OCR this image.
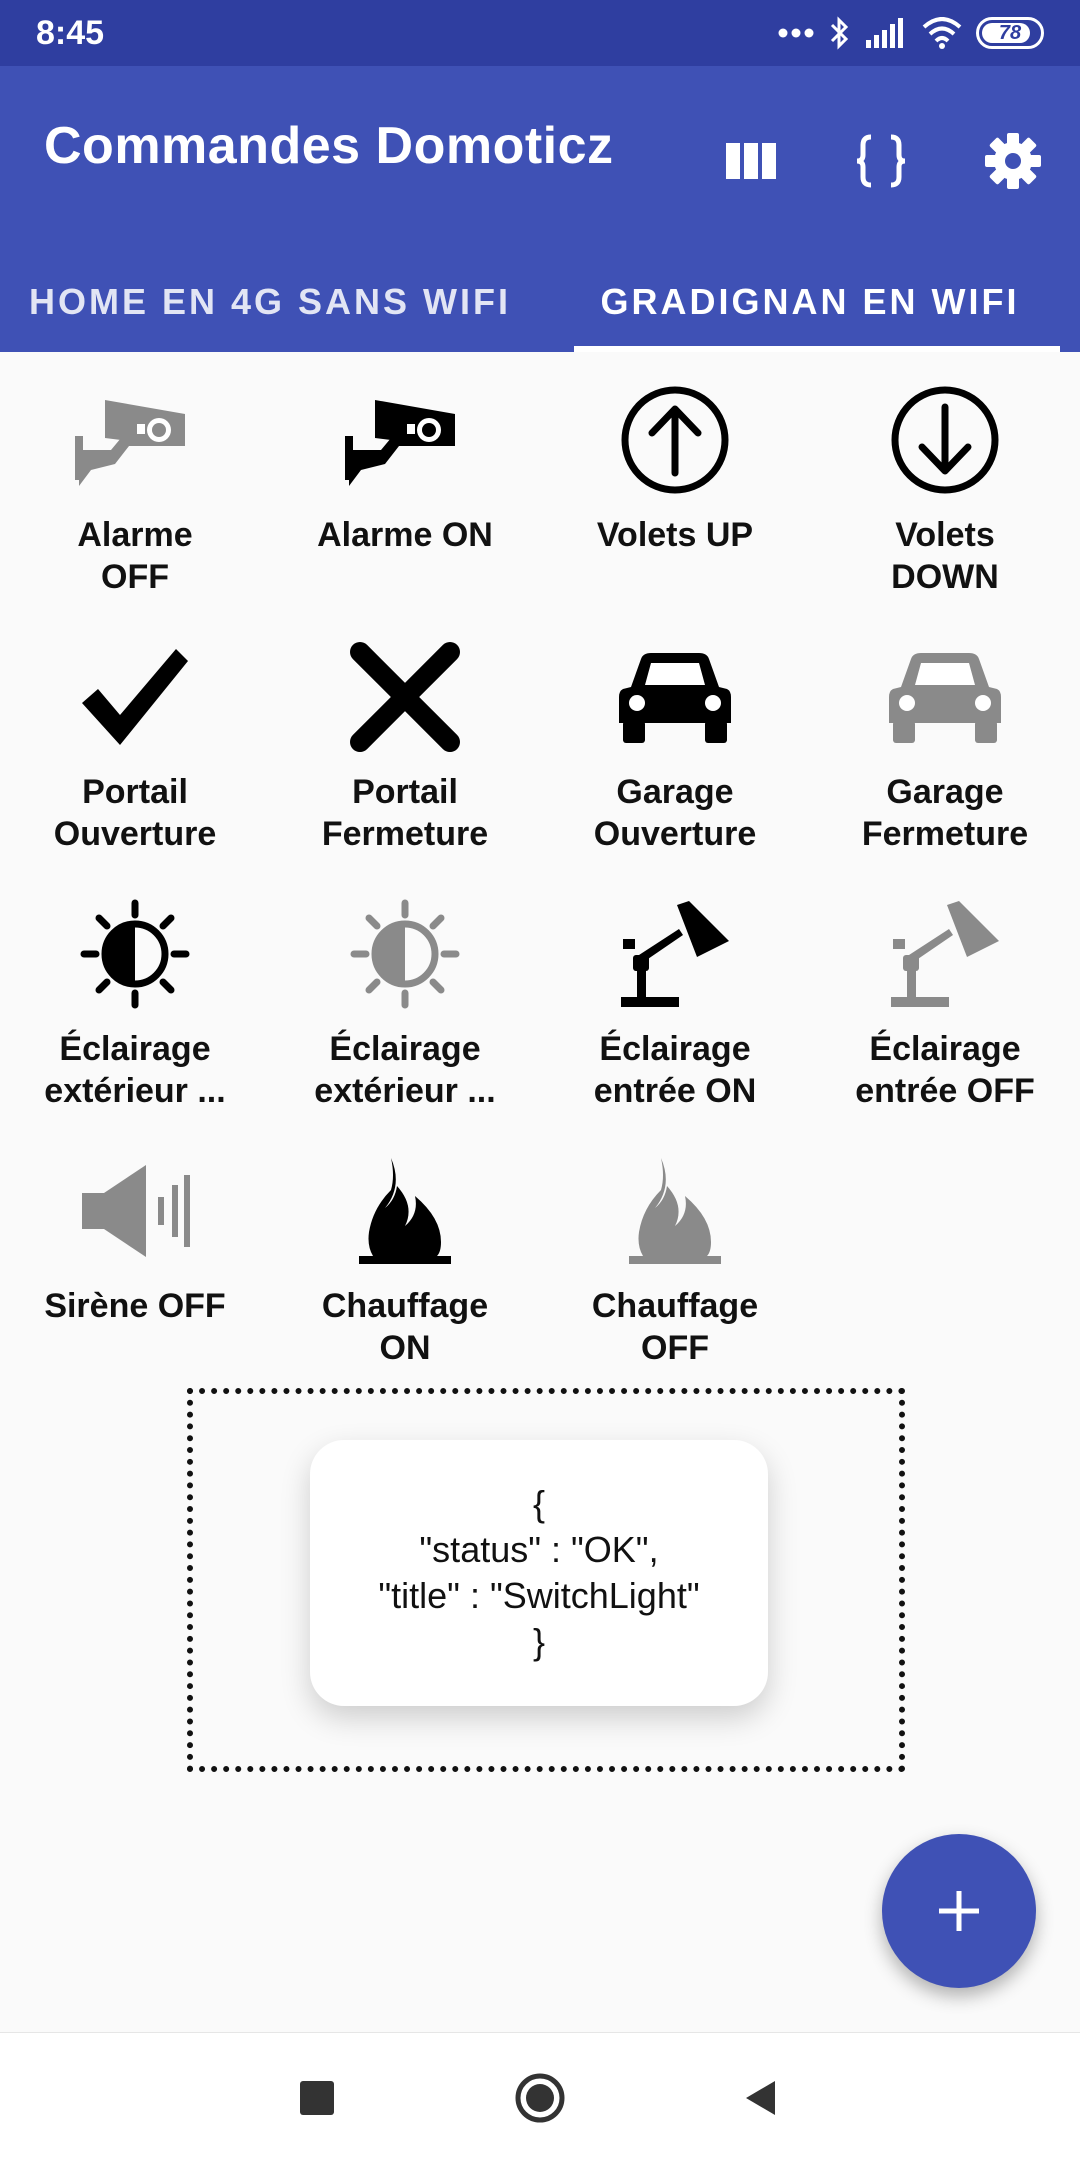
8:45	78
Commandes Domoticz
HOME EN 4G SANS WIFI GRADIGNAN EN WIFI
Alarme
OFF
Alarme ON	Volets UP	Volets
DOWN
Portail
Ouverture
Portail
Fermeture
Garage
Ouverture
Garage
Fermeture
Éclairage
extérieur ...
Éclairage
extérieur ...
Éclairage
entrée ON
Éclairage
entrée OFF
Sirène OFF	Chauffage
ON
Chauffage
OFF
{
"status" : "OK",
"title" : "SwitchLight"
}
